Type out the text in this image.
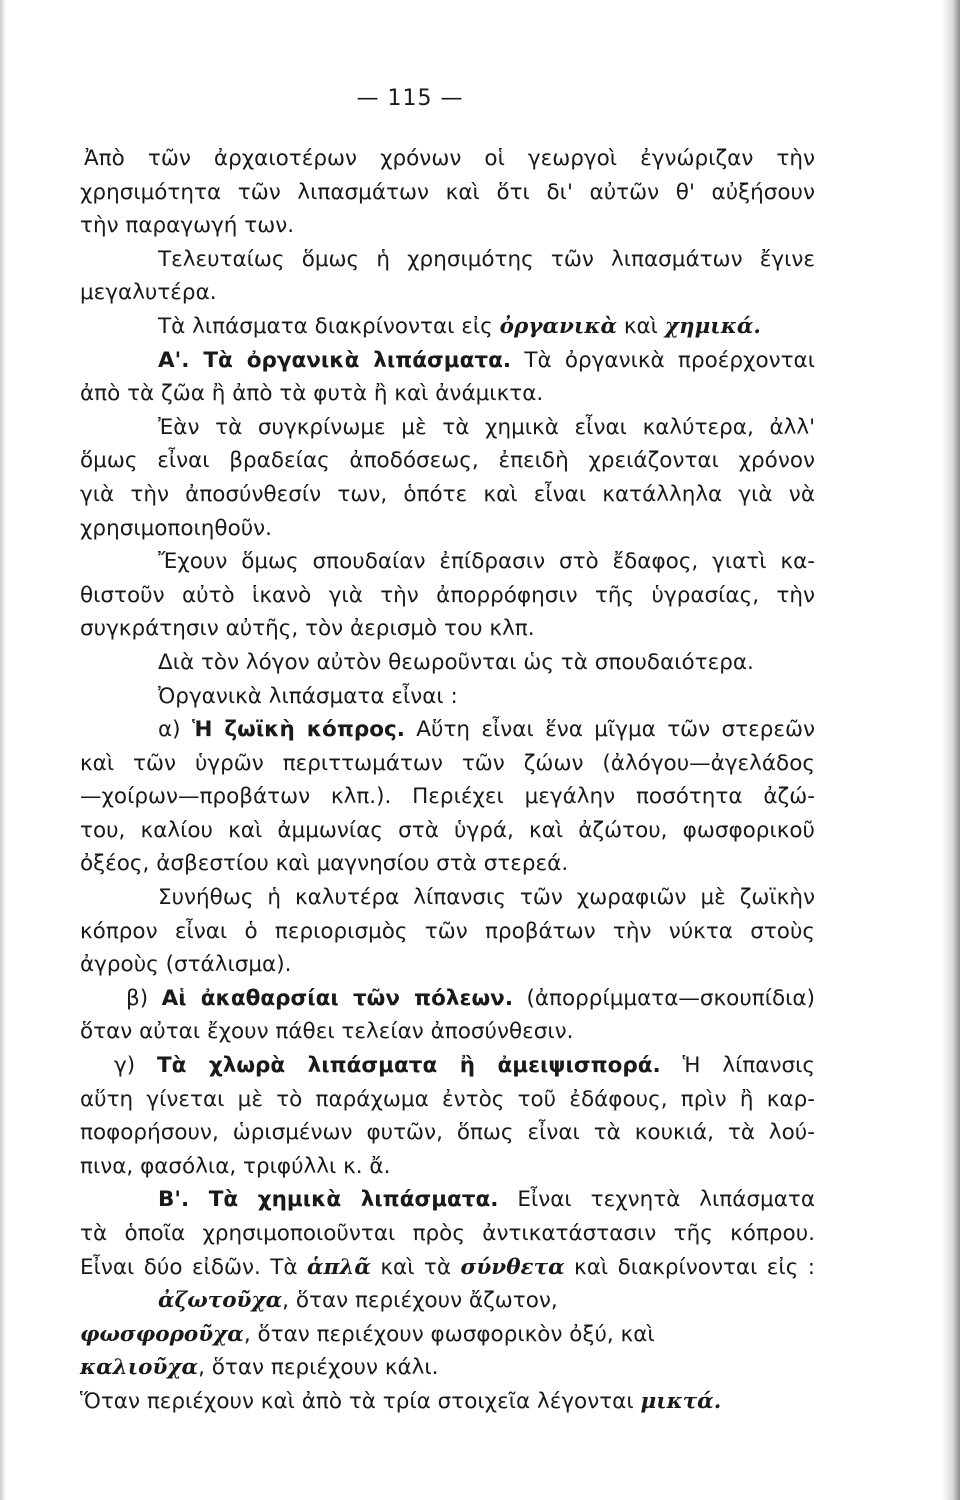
— 115 —
Ἀπὸ τῶν ἀρχαιοτέρων χρόνων οἱ γεωργοὶ ἐγνώριζαν τὴν
χρησιμότητα τῶν λιπασμάτων καὶ ὅτι δι' αὐτῶν θ' αὐξήσουν
τὴν παραγωγή των.
Τελευταίως ὅμως ἡ χρησιμότης τῶν λιπασμάτων ἔγινε
μεγαλυτέρα.
Τὰ λιπάσματα διακρίνονται εἰς ὀργανικὰ καὶ χημικά.
Α'. Τὰ ὀργανικὰ λιπάσματα. Τὰ ὀργανικὰ προέρχονται
ἀπὸ τὰ ζῶα ἢ ἀπὸ τὰ φυτὰ ἢ καὶ ἀνάμικτα.
Ἐὰν τὰ συγκρίνωμε μὲ τὰ χημικὰ εἶναι καλύτερα, ἀλλ'
ὅμως εἶναι βραδείας ἀποδόσεως, ἐπειδὴ χρειάζονται χρόνον
γιὰ τὴν ἀποσύνθεσίν των, ὁπότε καὶ εἶναι κατάλληλα γιὰ νὰ
χρησιμοποιηθοῦν.
Ἔχουν ὅμως σπουδαίαν ἐπίδρασιν στὸ ἔδαφος, γιατὶ κα-
θιστοῦν αὐτὸ ἱκανὸ γιὰ τὴν ἀπορρόφησιν τῆς ὑγρασίας, τὴν
συγκράτησιν αὐτῆς, τὸν ἀερισμὸ του κλπ.
Διὰ τὸν λόγον αὐτὸν θεωροῦνται ὡς τὰ σπουδαιότερα.
Ὀργανικὰ λιπάσματα εἶναι :
α) Ἡ ζωϊκὴ κόπρος. Αὕτη εἶναι ἕνα μῖγμα τῶν στερεῶν
καὶ τῶν ὑγρῶν περιττωμάτων τῶν ζώων (ἀλόγου—ἀγελάδος
—χοίρων—προβάτων κλπ.). Περιέχει μεγάλην ποσότητα ἀζώ-
του, καλίου καὶ ἀμμωνίας στὰ ὑγρά, καὶ ἀζώτου, φωσφορικοῦ
ὀξέος, ἀσβεστίου καὶ μαγνησίου στὰ στερεά.
Συνήθως ἡ καλυτέρα λίπανσις τῶν χωραφιῶν μὲ ζωϊκὴν
κόπρον εἶναι ὁ περιορισμὸς τῶν προβάτων τὴν νύκτα στοὺς
ἀγροὺς (στάλισμα).
β) Αἱ ἀκαθαρσίαι τῶν πόλεων. (ἀπορρίμματα—σκουπίδια)
ὅταν αὐται ἔχουν πάθει τελείαν ἀποσύνθεσιν.
γ) Τὰ χλωρὰ λιπάσματα ἢ ἀμειψισπορά. Ἡ λίπανσις
αὕτη γίνεται μὲ τὸ παράχωμα ἐντὸς τοῦ ἐδάφους, πρὶν ἢ καρ-
ποφορήσουν, ὡρισμένων φυτῶν, ὅπως εἶναι τὰ κουκιά, τὰ λού-
πινα, φασόλια, τριφύλλι κ. ἄ.
Β'. Τὰ χημικὰ λιπάσματα. Εἶναι τεχνητὰ λιπάσματα
τὰ ὁποῖα χρησιμοποιοῦνται πρὸς ἀντικατάστασιν τῆς κόπρου.
Εἶναι δύο εἰδῶν. Τὰ ἁπλᾶ καὶ τὰ σύνθετα καὶ διακρίνονται εἰς :
ἀζωτοῦχα, ὅταν περιέχουν ἄζωτον,
φωσφοροῦχα, ὅταν περιέχουν φωσφορικὸν ὀξύ, καὶ
καλιοῦχα, ὅταν περιέχουν κάλι.
Ὅταν περιέχουν καὶ ἀπὸ τὰ τρία στοιχεῖα λέγονται μικτά.
